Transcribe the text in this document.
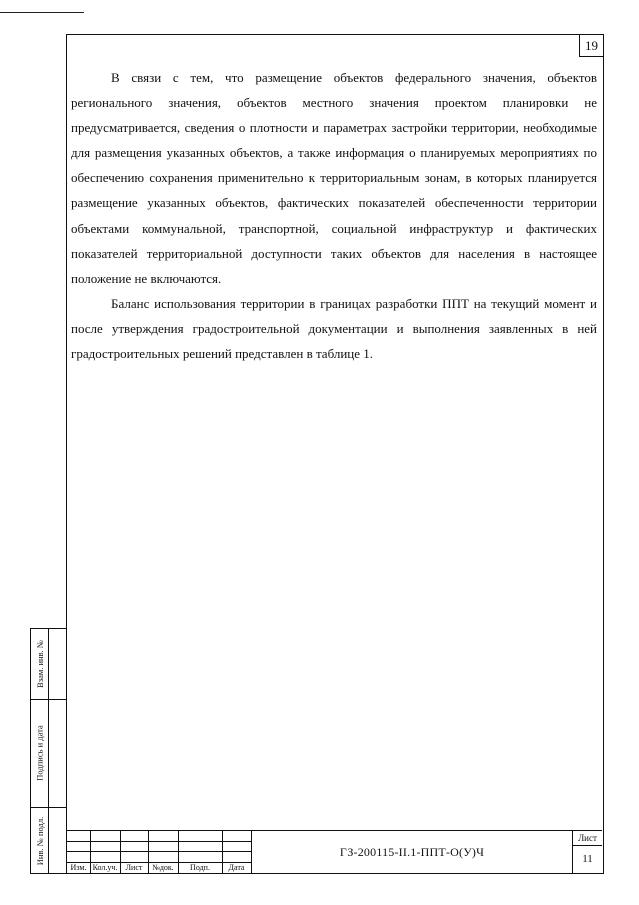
19

В связи с тем, что размещение объектов федерального значения, объектов регионального значения, объектов местного значения проектом планировки не предусматривается, сведения о плотности и параметрах застройки территории, необходимые для размещения указанных объектов, а также информация о планируемых мероприятиях по обеспечению сохранения применительно к территориальным зонам, в которых планируется размещение указанных объектов, фактических показателей обеспеченности территории объектами коммунальной, транспортной, социальной инфраструктур и фактических показателей территориальной доступности таких объектов для населения в настоящее положение не включаются.

Баланс использования территории в границах разработки ППТ на текущий момент и после утверждения градостроительной документации и выполнения заявленных в ней градостроительных решений представлен в таблице 1.

Изм. Кол.уч.	Лист	№док.	Подп.	Дата
ГЗ-200115-II.1-ППТ-О(У)Ч
Лист
11
Взам. инв. №
Подпись и дата
Инв. № подл.
